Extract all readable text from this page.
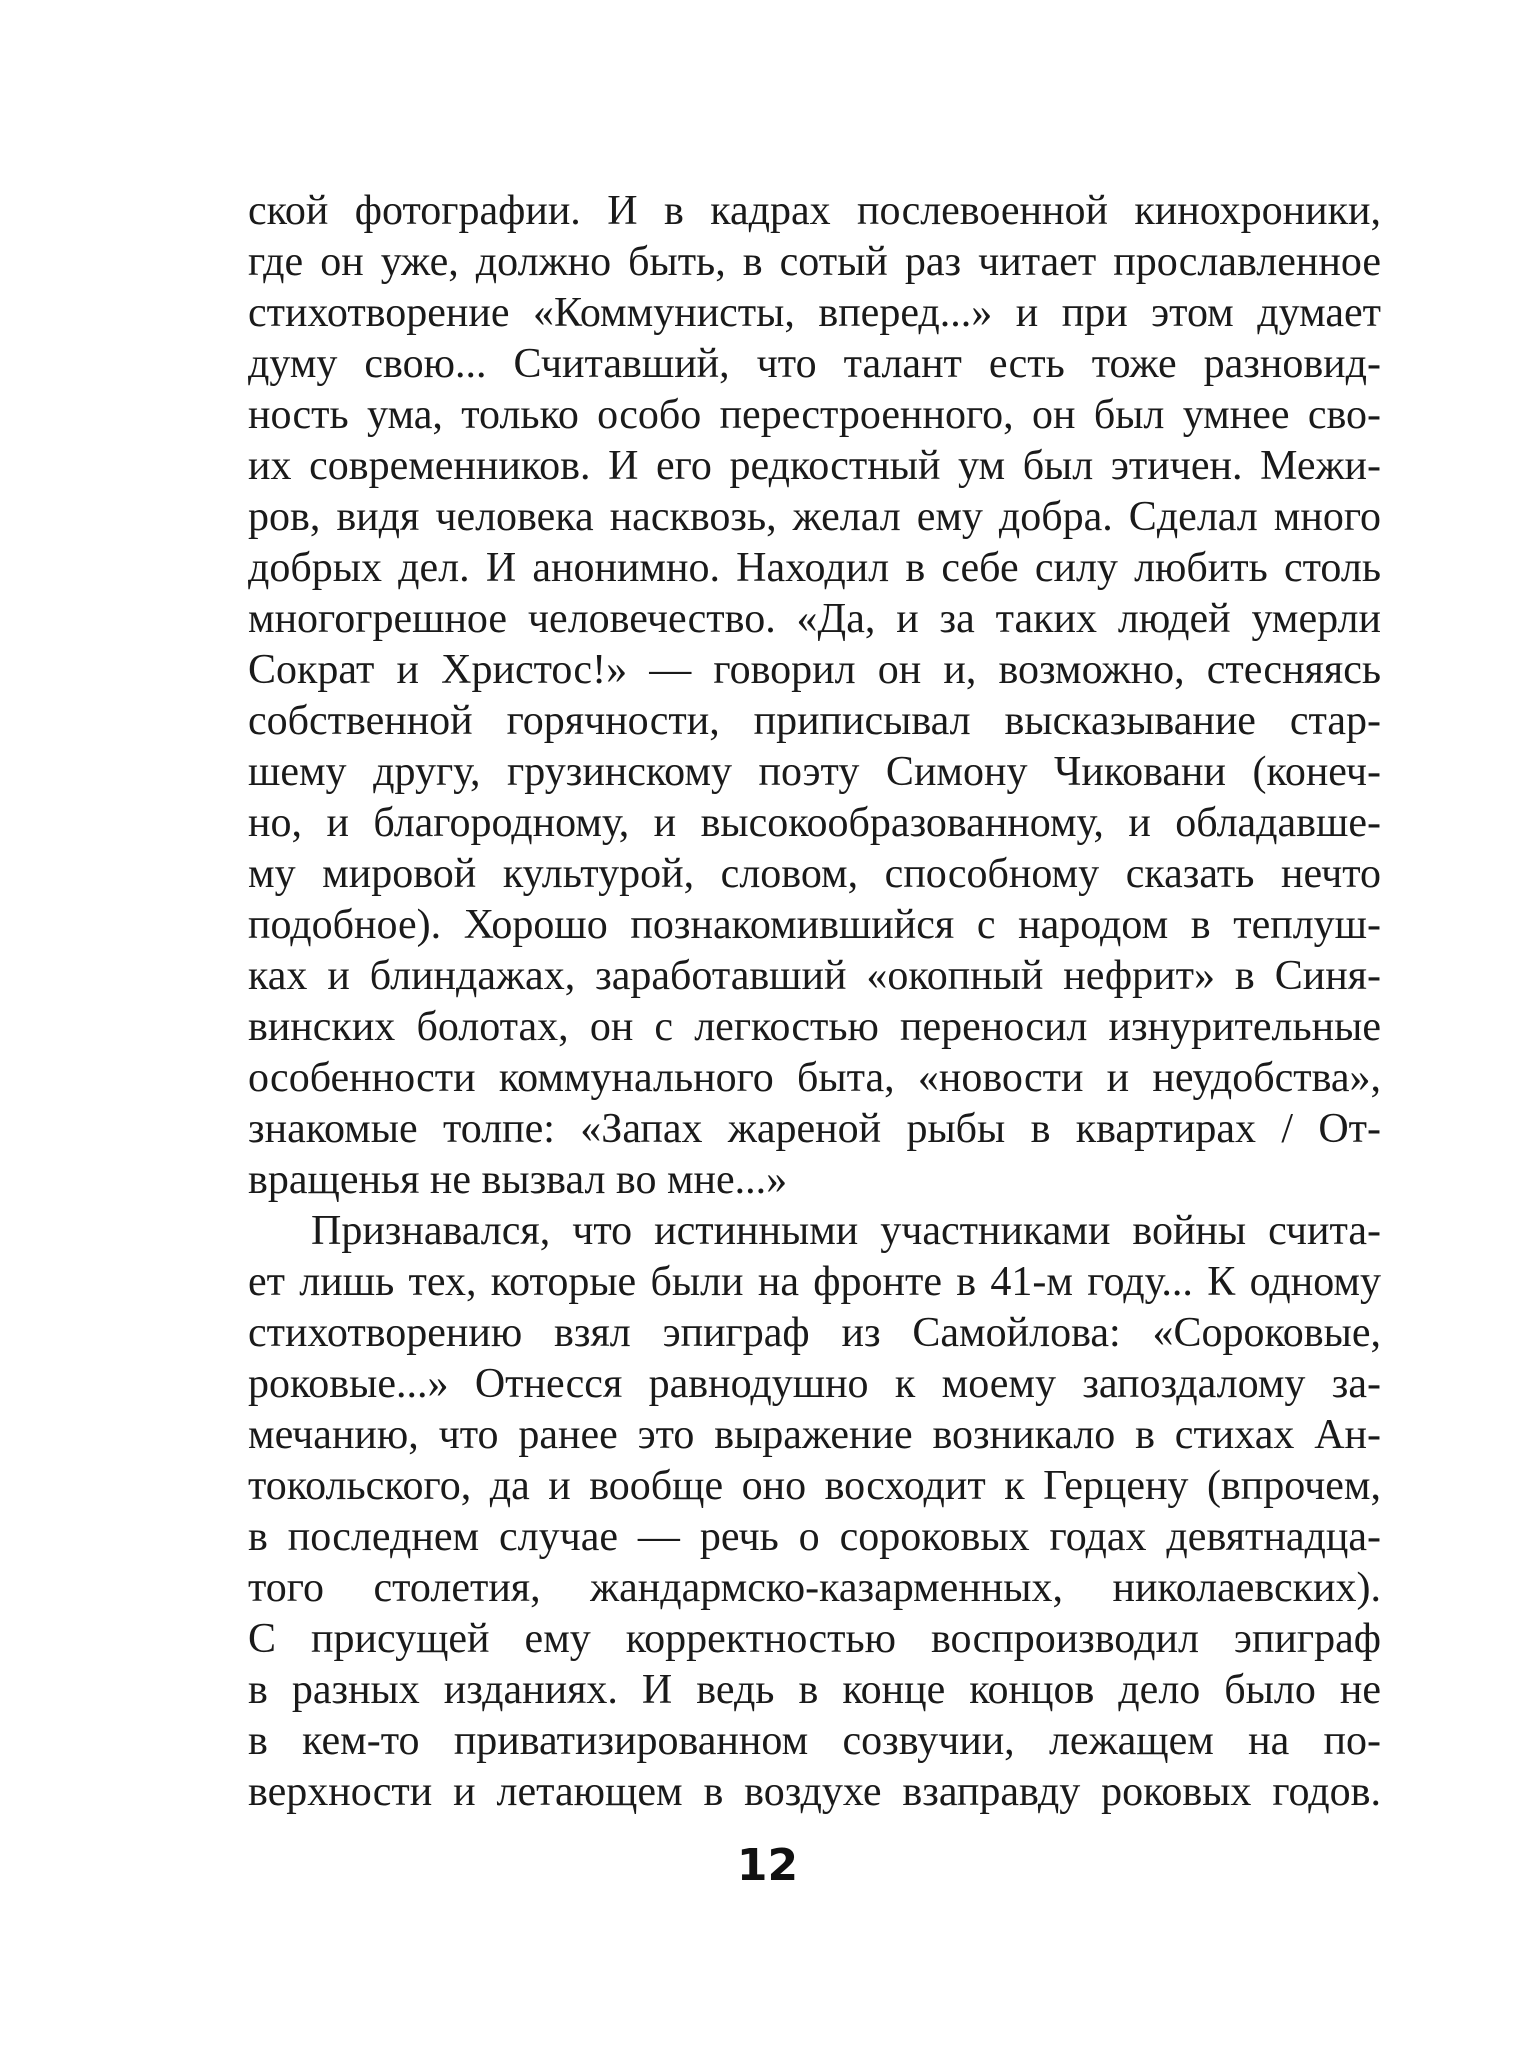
ской фотографии. И в кадрах послевоенной кинохроники,
где он уже, должно быть, в сотый раз читает прославленное
стихотворение «Коммунисты, вперед...» и при этом думает
думу свою... Считавший, что талант есть тоже разновид-
ность ума, только особо перестроенного, он был умнее сво-
их современников. И его редкостный ум был этичен. Межи-
ров, видя человека насквозь, желал ему добра. Сделал много
добрых дел. И анонимно. Находил в себе силу любить столь
многогрешное человечество. «Да, и за таких людей умерли
Сократ и Христос!» — говорил он и, возможно, стесняясь
собственной горячности, приписывал высказывание стар-
шему другу, грузинскому поэту Симону Чиковани (конеч-
но, и благородному, и высокообразованному, и обладавше-
му мировой культурой, словом, способному сказать нечто
подобное). Хорошо познакомившийся с народом в теплуш-
ках и блиндажах, заработавший «окопный нефрит» в Синя-
винских болотах, он с легкостью переносил изнурительные
особенности коммунального быта, «новости и неудобства»,
знакомые толпе: «Запах жареной рыбы в квартирах / От-
вращенья не вызвал во мне...»
Признавался, что истинными участниками войны счита-
ет лишь тех, которые были на фронте в 41-м году... К одному
стихотворению взял эпиграф из Самойлова: «Сороковые,
роковые...» Отнесся равнодушно к моему запоздалому за-
мечанию, что ранее это выражение возникало в стихах Ан-
токольского, да и вообще оно восходит к Герцену (впрочем,
в последнем случае — речь о сороковых годах девятнадца-
того столетия, жандармско-казарменных, николаевских).
С присущей ему корректностью воспроизводил эпиграф
в разных изданиях. И ведь в конце концов дело было не
в кем-то приватизированном созвучии, лежащем на по-
верхности и летающем в воздухе взаправду роковых годов.
12
